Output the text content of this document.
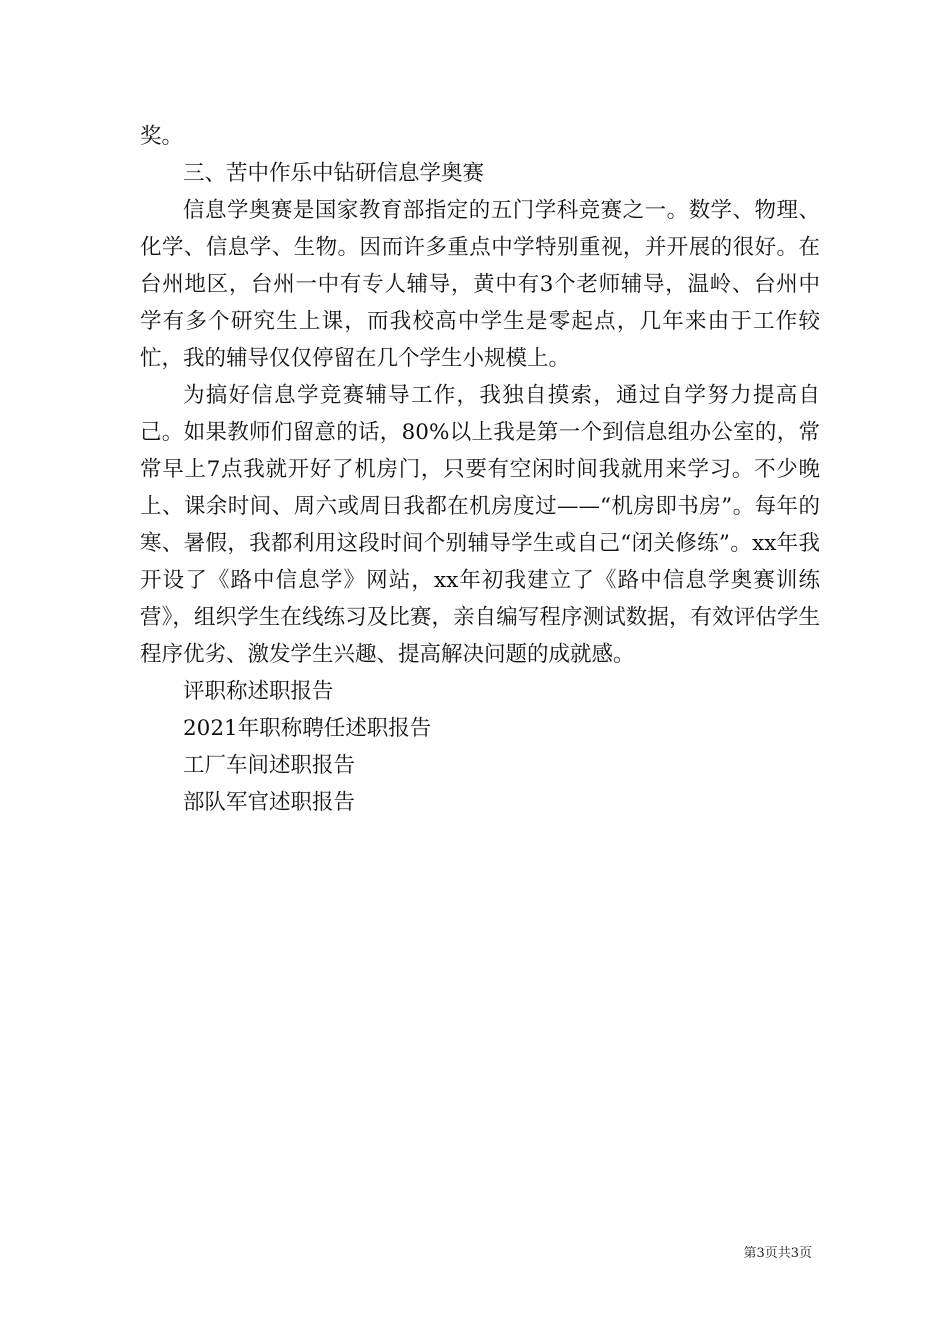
奖。

三、苦中作乐中钻研信息学奥赛

信息学奥赛是国家教育部指定的五门学科竞赛之一。数学、物理、化学、信息学、生物。因而许多重点中学特别重视，并开展的很好。在台州地区，台州一中有专人辅导，黄中有3个老师辅导，温岭、台州中学有多个研究生上课，而我校高中学生是零起点，几年来由于工作较忙，我的辅导仅仅停留在几个学生小规模上。

为搞好信息学竞赛辅导工作，我独自摸索，通过自学努力提高自己。如果教师们留意的话，80%以上我是第一个到信息组办公室的，常常早上7点我就开好了机房门，只要有空闲时间我就用来学习。不少晚上、课余时间、周六或周日我都在机房度过——“机房即书房”。每年的寒、暑假，我都利用这段时间个别辅导学生或自己“闭关修练”。xx年我开设了《路中信息学》网站，xx年初我建立了《路中信息学奥赛训练营》，组织学生在线练习及比赛，亲自编写程序测试数据，有效评估学生程序优劣、激发学生兴趣、提高解决问题的成就感。

评职称述职报告
2021年职称聘任述职报告
工厂车间述职报告
部队军官述职报告
第3页共3页
